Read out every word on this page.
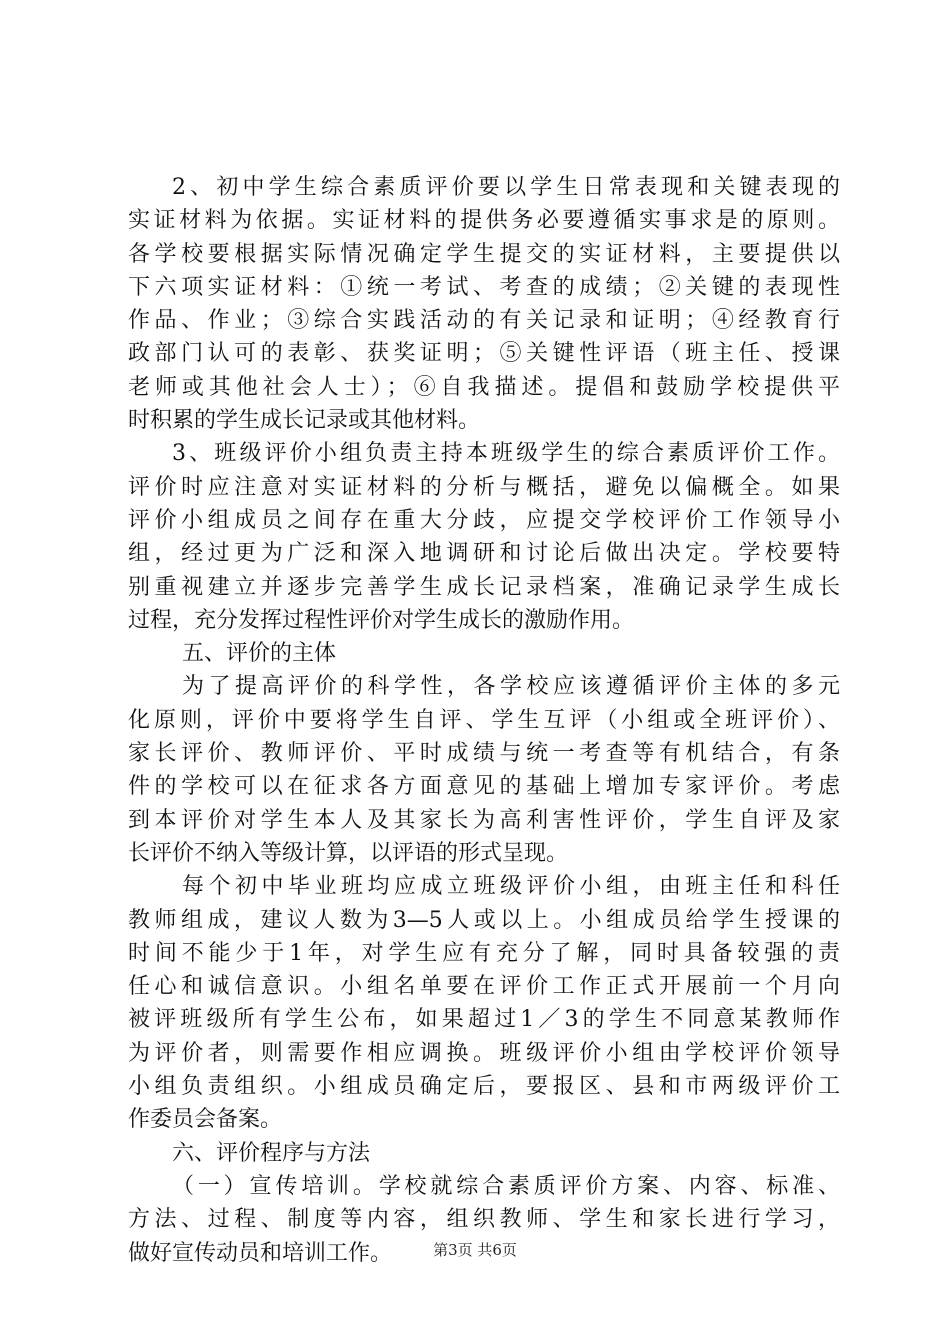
2、初中学生综合素质评价要以学生日常表现和关键表现的
实证材料为依据。实证材料的提供务必要遵循实事求是的原则。
各学校要根据实际情况确定学生提交的实证材料，主要提供以
下六项实证材料：①统一考试、考查的成绩；②关键的表现性
作品、作业；③综合实践活动的有关记录和证明；④经教育行
政部门认可的表彰、获奖证明；⑤关键性评语（班主任、授课
老师或其他社会人士）；⑥自我描述。提倡和鼓励学校提供平
时积累的学生成长记录或其他材料。
3、班级评价小组负责主持本班级学生的综合素质评价工作。
评价时应注意对实证材料的分析与概括，避免以偏概全。如果
评价小组成员之间存在重大分歧，应提交学校评价工作领导小
组，经过更为广泛和深入地调研和讨论后做出决定。学校要特
别重视建立并逐步完善学生成长记录档案，准确记录学生成长
过程，充分发挥过程性评价对学生成长的激励作用。
五、评价的主体
为了提高评价的科学性，各学校应该遵循评价主体的多元
化原则，评价中要将学生自评、学生互评（小组或全班评价）、
家长评价、教师评价、平时成绩与统一考查等有机结合，有条
件的学校可以在征求各方面意见的基础上增加专家评价。考虑
到本评价对学生本人及其家长为高利害性评价，学生自评及家
长评价不纳入等级计算，以评语的形式呈现。
每个初中毕业班均应成立班级评价小组，由班主任和科任
教师组成，建议人数为3—5人或以上。小组成员给学生授课的
时间不能少于1年，对学生应有充分了解，同时具备较强的责
任心和诚信意识。小组名单要在评价工作正式开展前一个月向
被评班级所有学生公布，如果超过1／3的学生不同意某教师作
为评价者，则需要作相应调换。班级评价小组由学校评价领导
小组负责组织。小组成员确定后，要报区、县和市两级评价工
作委员会备案。
六、评价程序与方法
（一）宣传培训。学校就综合素质评价方案、内容、标准、
方法、过程、制度等内容，组织教师、学生和家长进行学习，
做好宣传动员和培训工作。	第3页 共6页
